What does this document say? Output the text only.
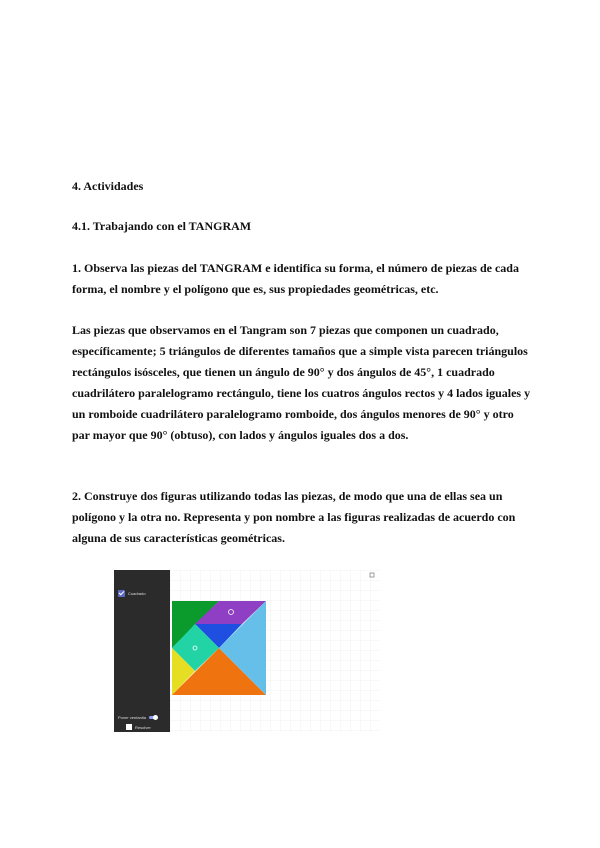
4. Actividades

4.1. Trabajando con el TANGRAM

1. Observa las piezas del TANGRAM e identifica su forma, el número de piezas de cada forma, el nombre y el polígono que es, sus propiedades geométricas, etc.

Las piezas que observamos en el Tangram son 7 piezas que componen un cuadrado, específicamente; 5 triángulos de diferentes tamaños que a simple vista parecen triángulos rectángulos isósceles, que tienen un ángulo de 90° y dos ángulos de 45°, 1 cuadrado cuadrilátero paralelogramo rectángulo, tiene los cuatros ángulos rectos y 4 lados iguales y un romboide cuadrilátero paralelogramo romboide, dos ángulos menores de 90° y otro par mayor que 90° (obtuso), con lados y ángulos iguales dos a dos.

2. Construye dos figuras utilizando todas las piezas, de modo que una de ellas sea un polígono y la otra no. Representa y pon nombre a las figuras realizadas de acuerdo con alguna de sus características geométricas.

Cuadrado
Poner ventanita
Resolver
